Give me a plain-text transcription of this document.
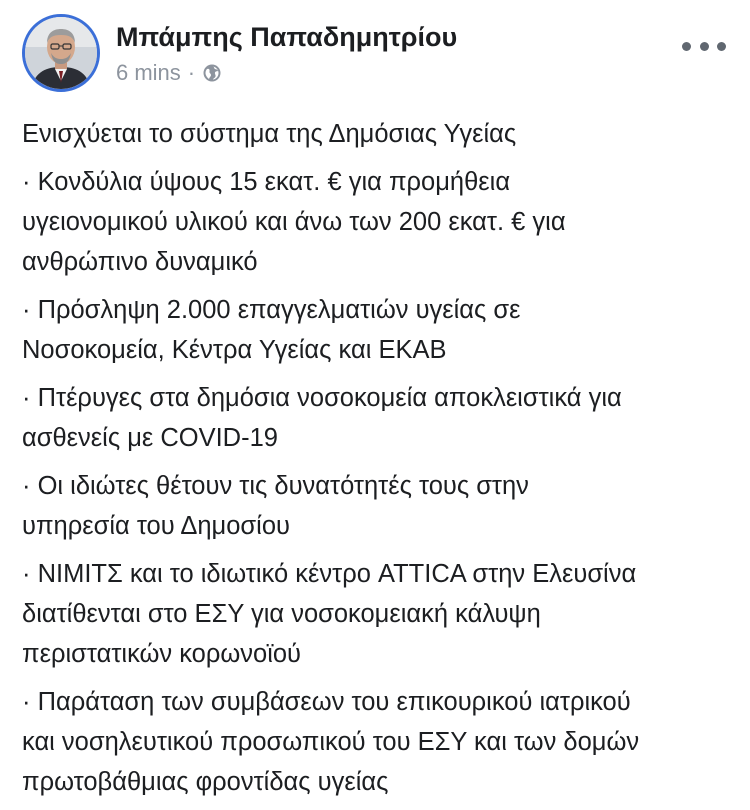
Μπάμπης Παπαδημητρίου
6 mins ·
Ενισχύεται το σύστημα της Δημόσιας Υγείας
· Κονδύλια ύψους 15 εκατ. € για προμήθεια
υγειονομικού υλικού και άνω των 200 εκατ. € για
ανθρώπινο δυναμικό
· Πρόσληψη 2.000 επαγγελματιών υγείας σε
Νοσοκομεία, Κέντρα Υγείας και ΕΚΑΒ
· Πτέρυγες στα δημόσια νοσοκομεία αποκλειστικά για
ασθενείς με COVID-19
· Οι ιδιώτες θέτουν τις δυνατότητές τους στην
υπηρεσία του Δημοσίου
· ΝΙΜΙΤΣ και το ιδιωτικό κέντρο ATTICA στην Ελευσίνα
διατίθενται στο ΕΣΥ για νοσοκομειακή κάλυψη
περιστατικών κορωνοϊού
· Παράταση των συμβάσεων του επικουρικού ιατρικού
και νοσηλευτικού προσωπικού του ΕΣΥ και των δομών
πρωτοβάθμιας φροντίδας υγείας
